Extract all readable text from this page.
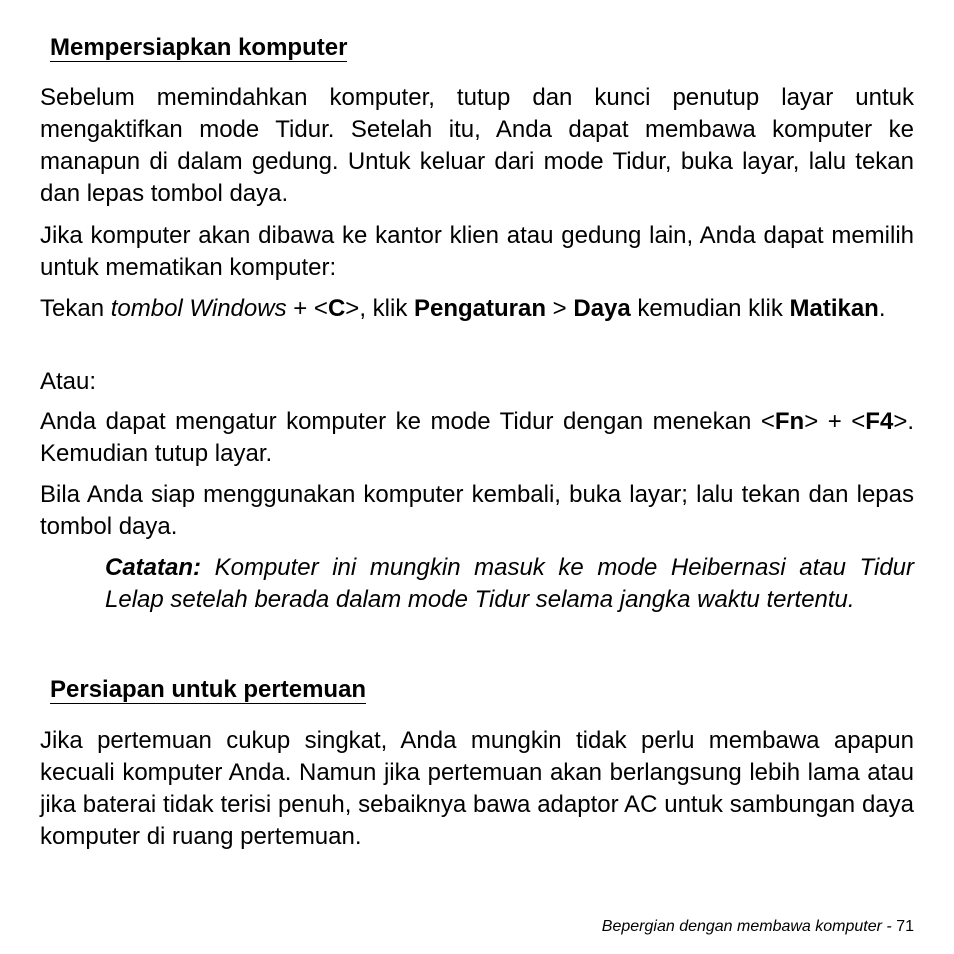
Mempersiapkan komputer

Sebelum memindahkan komputer, tutup dan kunci penutup layar untuk mengaktifkan mode Tidur. Setelah itu, Anda dapat membawa komputer ke manapun di dalam gedung. Untuk keluar dari mode Tidur, buka layar, lalu tekan dan lepas tombol daya.

Jika komputer akan dibawa ke kantor klien atau gedung lain, Anda dapat memilih untuk mematikan komputer:

Tekan tombol Windows + <C>, klik Pengaturan > Daya kemudian klik Matikan.

Atau:

Anda dapat mengatur komputer ke mode Tidur dengan menekan <Fn> + <F4>. Kemudian tutup layar.

Bila Anda siap menggunakan komputer kembali, buka layar; lalu tekan dan lepas tombol daya.

Catatan: Komputer ini mungkin masuk ke mode Heibernasi atau Tidur Lelap setelah berada dalam mode Tidur selama jangka waktu tertentu.

Persiapan untuk pertemuan

Jika pertemuan cukup singkat, Anda mungkin tidak perlu membawa apapun kecuali komputer Anda. Namun jika pertemuan akan berlangsung lebih lama atau jika baterai tidak terisi penuh, sebaiknya bawa adaptor AC untuk sambungan daya komputer di ruang pertemuan.

Bepergian dengan membawa komputer - 71
